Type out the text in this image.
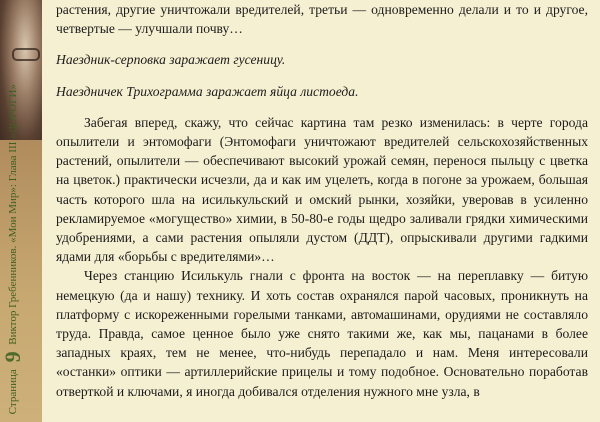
Страница 9 Виктор Гребенников. «Мои Мир»: Глава III «ДОРОГИ»

растения, другие уничтожали вредителей, третьи — одновременно делали и то и другое, четвертые — улучшали почву…

Наездник-серповка заражает гусеницу.

Наездничек Трихограмма заражает яйца листоеда.

Забегая вперед, скажу, что сейчас картина там резко изменилась: в черте города опылители и энтомофаги (Энтомофаги уничтожают вредителей сельскохозяйственных растений, опылители — обеспечивают высокий урожай семян, перенося пыльцу с цветка на цветок.) практически исчезли, да и как им уцелеть, когда в погоне за урожаем, большая часть которого шла на исилькульский и омский рынки, хозяйки, уверовав в усиленно рекламируемое «могущество» химии, в 50-80-е годы щедро заливали грядки химическими удобрениями, а сами растения опыляли дустом (ДДТ), опрыскивали другими гадкими ядами для «борьбы с вредителями»…

Через станцию Исилькуль гнали с фронта на восток — на переплавку — битую немецкую (да и нашу) технику. И хоть состав охранялся парой часовых, проникнуть на платформу с искореженными горелыми танками, автомашинами, орудиями не составляло труда. Правда, самое ценное было уже снято такими же, как мы, пацанами в более западных краях, тем не менее, что-нибудь перепадало и нам. Меня интересовали «останки» оптики — артиллерийские прицелы и тому подобное. Основательно поработав отверткой и ключами, я иногда добивался отделения нужного мне узла, в
